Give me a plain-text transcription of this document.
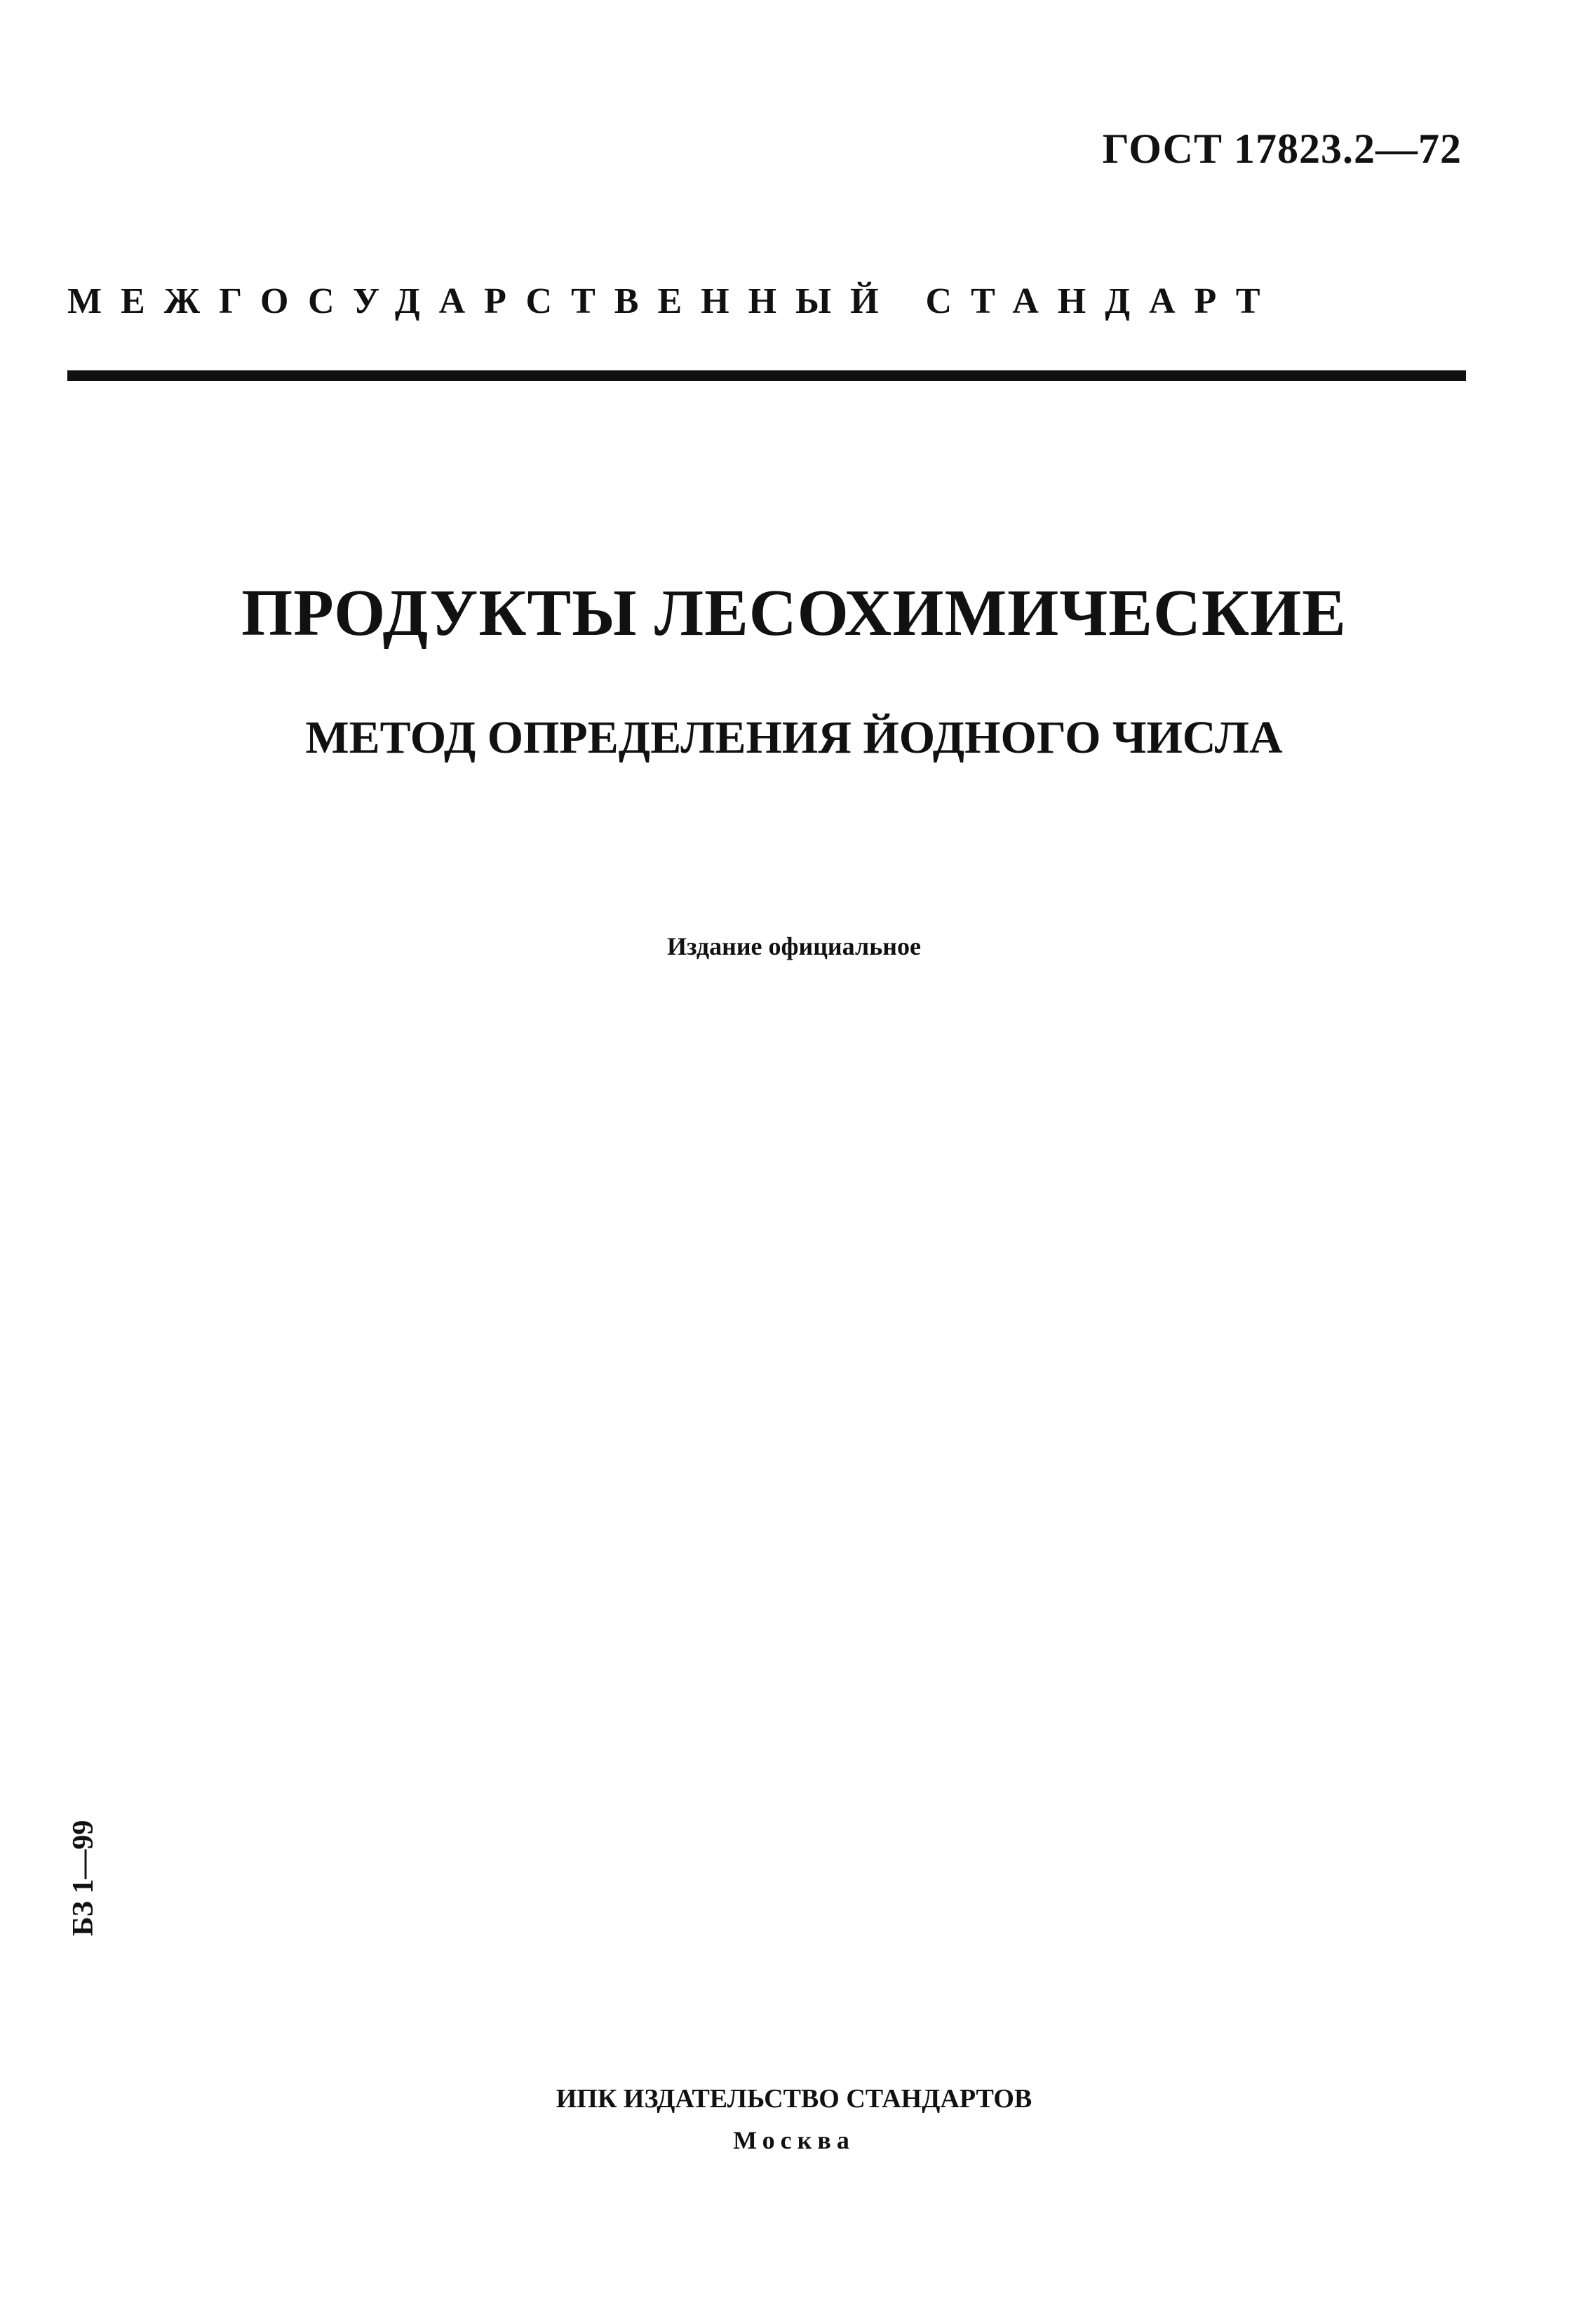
ГОСТ 17823.2—72
МЕЖГОСУДАРСТВЕННЫЙ СТАНДАРТ
ПРОДУКТЫ ЛЕСОХИМИЧЕСКИЕ
МЕТОД ОПРЕДЕЛЕНИЯ ЙОДНОГО ЧИСЛА
Издание официальное
БЗ 1—99
ИПК ИЗДАТЕЛЬСТВО СТАНДАРТОВ
Москва
